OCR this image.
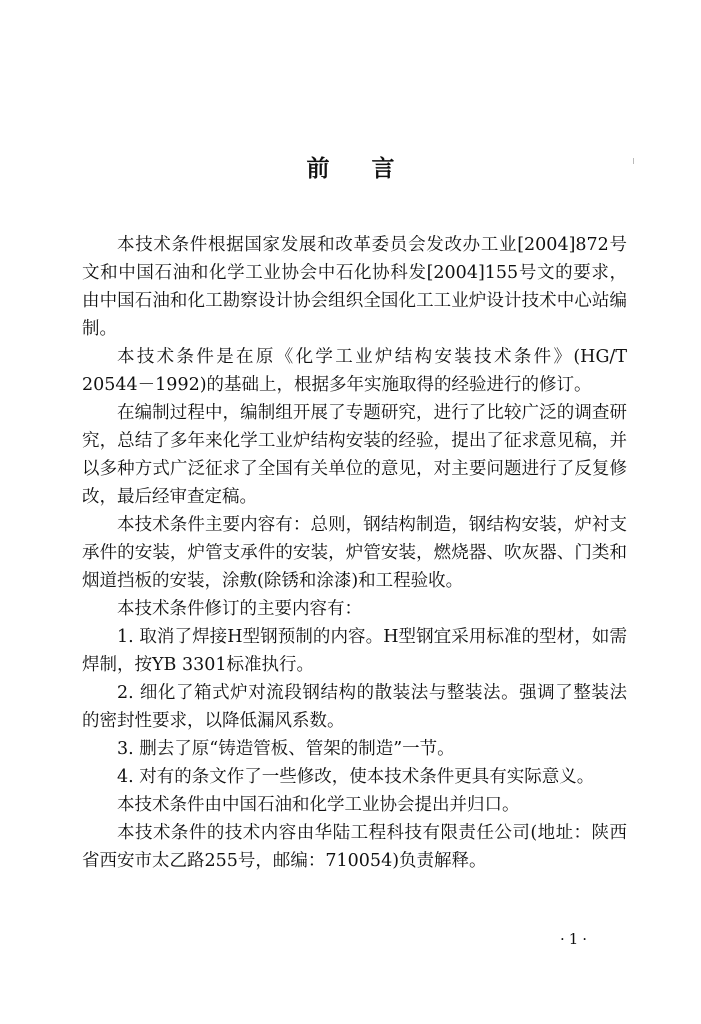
前言

本技术条件根据国家发展和改革委员会发改办工业[2004]872号文和中国石油和化学工业协会中石化协科发[2004]155号文的要求，由中国石油和化工勘察设计协会组织全国化工工业炉设计技术中心站编制。

本技术条件是在原《化学工业炉结构安装技术条件》(HG/T 20544－1992)的基础上，根据多年实施取得的经验进行的修订。

在编制过程中，编制组开展了专题研究，进行了比较广泛的调查研究，总结了多年来化学工业炉结构安装的经验，提出了征求意见稿，并以多种方式广泛征求了全国有关单位的意见，对主要问题进行了反复修改，最后经审查定稿。

本技术条件主要内容有：总则，钢结构制造，钢结构安装，炉衬支承件的安装，炉管支承件的安装，炉管安装，燃烧器、吹灰器、门类和烟道挡板的安装，涂敷(除锈和涂漆)和工程验收。

本技术条件修订的主要内容有：

1. 取消了焊接H型钢预制的内容。H型钢宜采用标准的型材，如需焊制，按YB 3301标准执行。

2. 细化了箱式炉对流段钢结构的散装法与整装法。强调了整装法的密封性要求，以降低漏风系数。

3. 删去了原“铸造管板、管架的制造”一节。

4. 对有的条文作了一些修改，使本技术条件更具有实际意义。

本技术条件由中国石油和化学工业协会提出并归口。

本技术条件的技术内容由华陆工程科技有限责任公司(地址：陕西省西安市太乙路255号，邮编：710054)负责解释。

·1·
